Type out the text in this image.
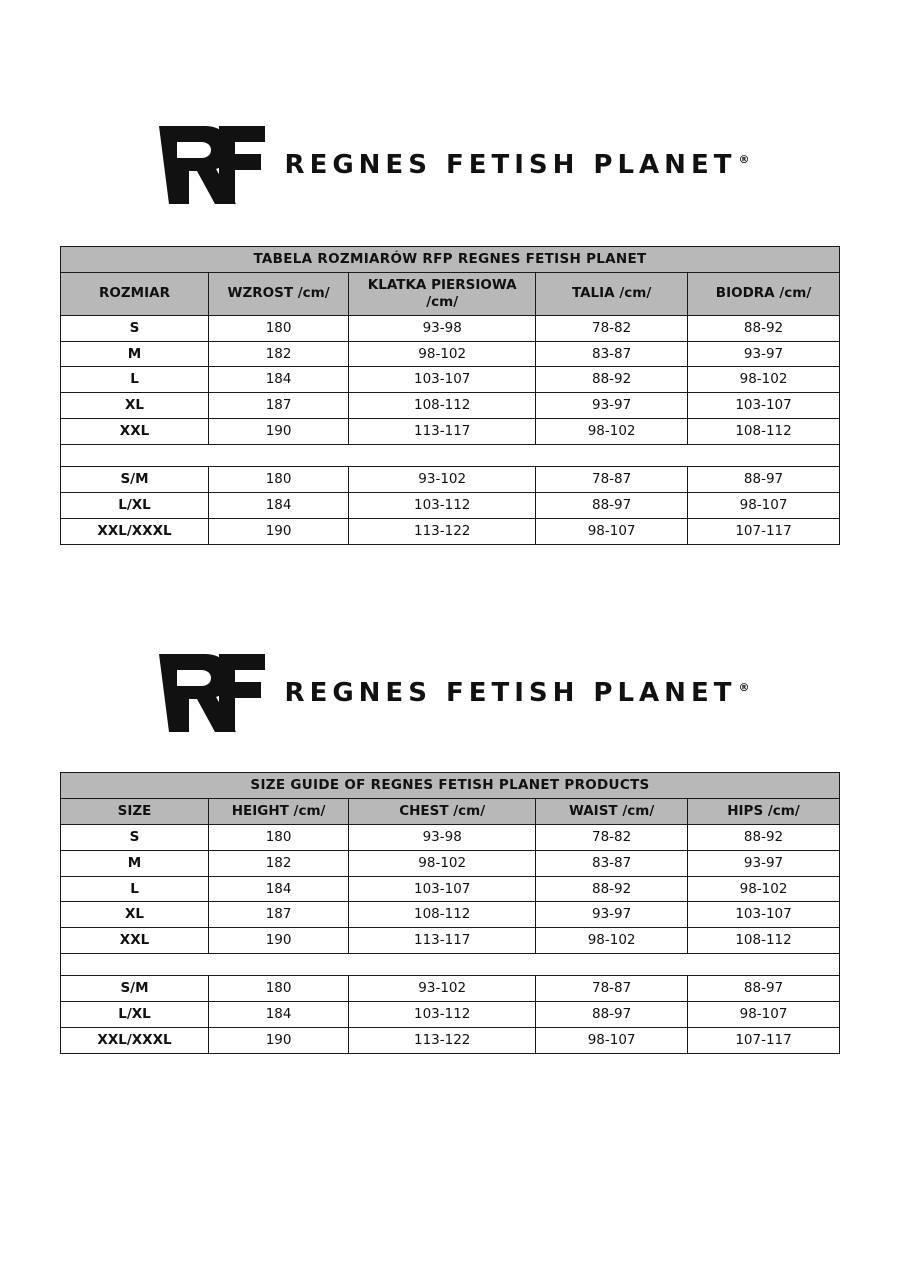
REGNES FETISH PLANET ®
TABELA ROZMIARÓW RFP REGNES FETISH PLANET				
ROZMIAR	WZROST /cm/	KLATKA PIERSIOWA /cm/	TALIA /cm/	BIODRA /cm/
S	180	93-98	78-82	88-92
M	182	98-102	83-87	93-97
L	184	103-107	88-92	98-102
XL	187	108-112	93-97	103-107
XXL	190	113-117	98-102	108-112

S/M	180	93-102	78-87	88-97
L/XL	184	103-112	88-97	98-107
XXL/XXXL	190	113-122	98-107	107-117
REGNES FETISH PLANET ®
SIZE GUIDE OF REGNES FETISH PLANET PRODUCTS				
SIZE	HEIGHT /cm/	CHEST /cm/	WAIST /cm/	HIPS /cm/
S	180	93-98	78-82	88-92
M	182	98-102	83-87	93-97
L	184	103-107	88-92	98-102
XL	187	108-112	93-97	103-107
XXL	190	113-117	98-102	108-112

S/M	180	93-102	78-87	88-97
L/XL	184	103-112	88-97	98-107
XXL/XXXL	190	113-122	98-107	107-117
